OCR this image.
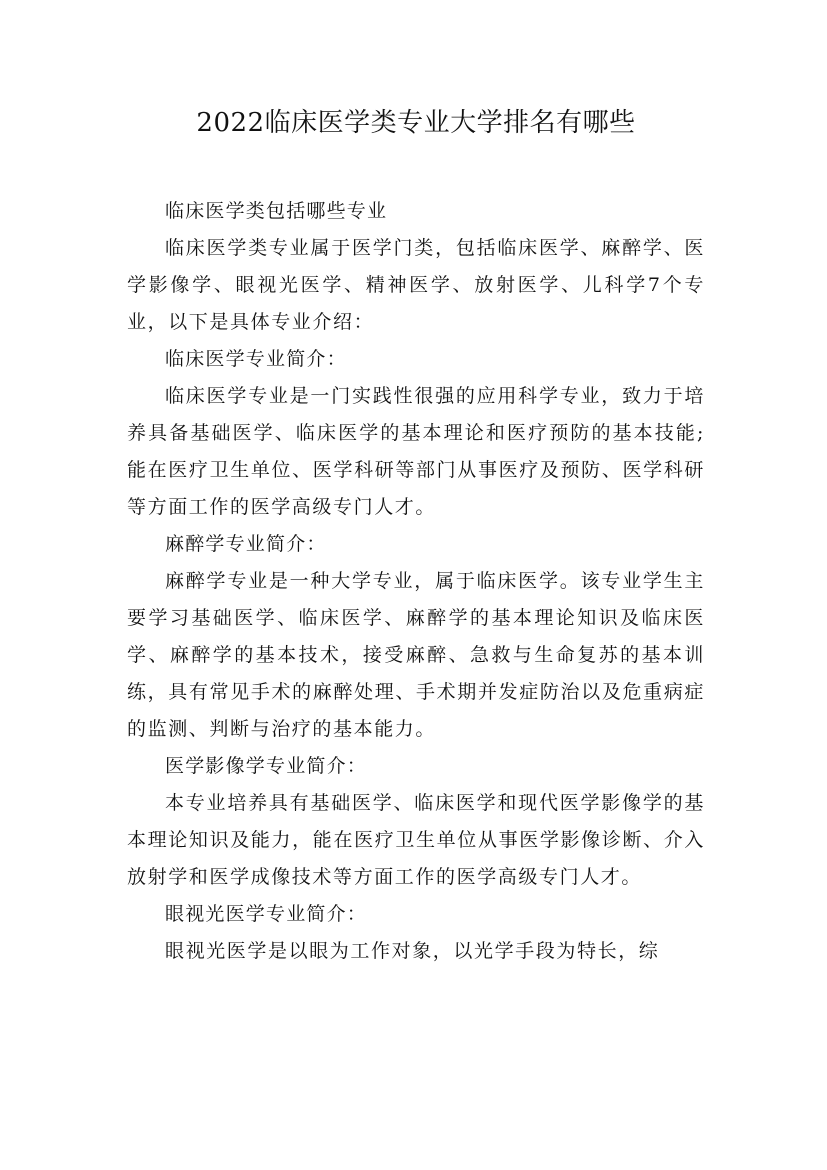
2022临床医学类专业大学排名有哪些

临床医学类包括哪些专业

临床医学类专业属于医学门类，包括临床医学、麻醉学、医学影像学、眼视光医学、精神医学、放射医学、儿科学7个专业，以下是具体专业介绍：

临床医学专业简介：

临床医学专业是一门实践性很强的应用科学专业，致力于培养具备基础医学、临床医学的基本理论和医疗预防的基本技能;能在医疗卫生单位、医学科研等部门从事医疗及预防、医学科研等方面工作的医学高级专门人才。

麻醉学专业简介：

麻醉学专业是一种大学专业，属于临床医学。该专业学生主要学习基础医学、临床医学、麻醉学的基本理论知识及临床医学、麻醉学的基本技术，接受麻醉、急救与生命复苏的基本训练，具有常见手术的麻醉处理、手术期并发症防治以及危重病症的监测、判断与治疗的基本能力。

医学影像学专业简介：

本专业培养具有基础医学、临床医学和现代医学影像学的基本理论知识及能力，能在医疗卫生单位从事医学影像诊断、介入放射学和医学成像技术等方面工作的医学高级专门人才。

眼视光医学专业简介：

眼视光医学是以眼为工作对象，以光学手段为特长，综
